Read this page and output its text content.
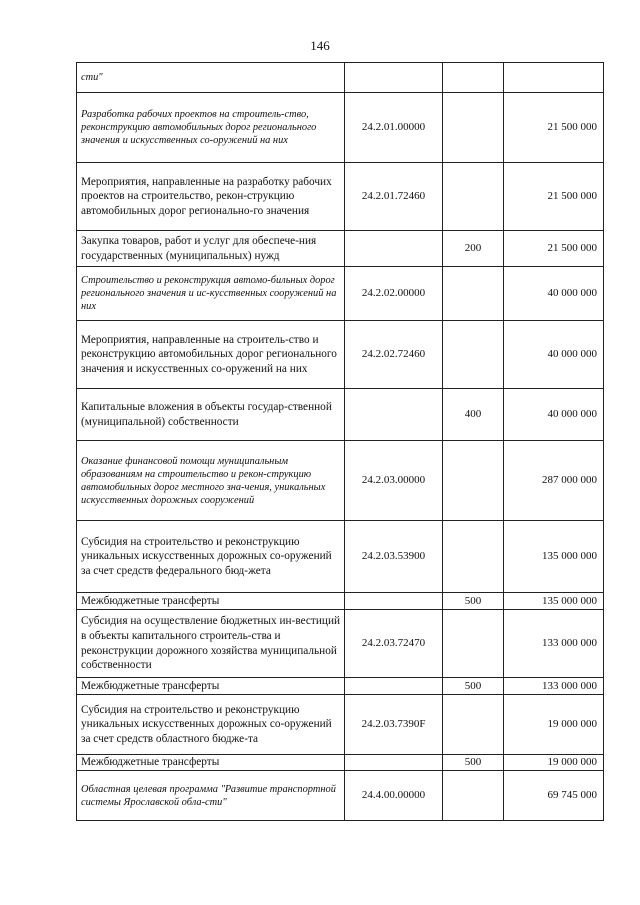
146
сти"			
Разработка рабочих проектов на строитель-ство, реконструкцию автомобильных дорог регионального значения и искусственных со-оружений на них	24.2.01.00000		21 500 000
Мероприятия, направленные на разработку рабочих проектов на строительство, рекон-струкцию автомобильных дорог регионально-го значения	24.2.01.72460		21 500 000
Закупка товаров, работ и услуг для обеспече-ния государственных (муниципальных) нужд		200	21 500 000
Строительство и реконструкция автомо-бильных дорог регионального значения и ис-кусственных сооружений на них	24.2.02.00000		40 000 000
Мероприятия, направленные на строитель-ство и реконструкцию автомобильных дорог регионального значения и искусственных со-оружений на них	24.2.02.72460		40 000 000
Капитальные вложения в объекты государ-ственной (муниципальной) собственности		400	40 000 000
Оказание финансовой помощи муниципальным образованиям на строительство и рекон-струкцию автомобильных дорог местного зна-чения, уникальных искусственных дорожных сооружений	24.2.03.00000		287 000 000
Субсидия на строительство и реконструкцию уникальных искусственных дорожных со-оружений за счет средств федерального бюд-жета	24.2.03.53900		135 000 000
Межбюджетные трансферты		500	135 000 000
Субсидия на осуществление бюджетных ин-вестиций в объекты капитального строитель-ства и реконструкции дорожного хозяйства муниципальной собственности	24.2.03.72470		133 000 000
Межбюджетные трансферты		500	133 000 000
Субсидия на строительство и реконструкцию уникальных искусственных дорожных со-оружений за счет средств областного бюдже-та	24.2.03.7390F		19 000 000
Межбюджетные трансферты		500	19 000 000
Областная целевая программа "Развитие транспортной системы Ярославской обла-сти"	24.4.00.00000		69 745 000
